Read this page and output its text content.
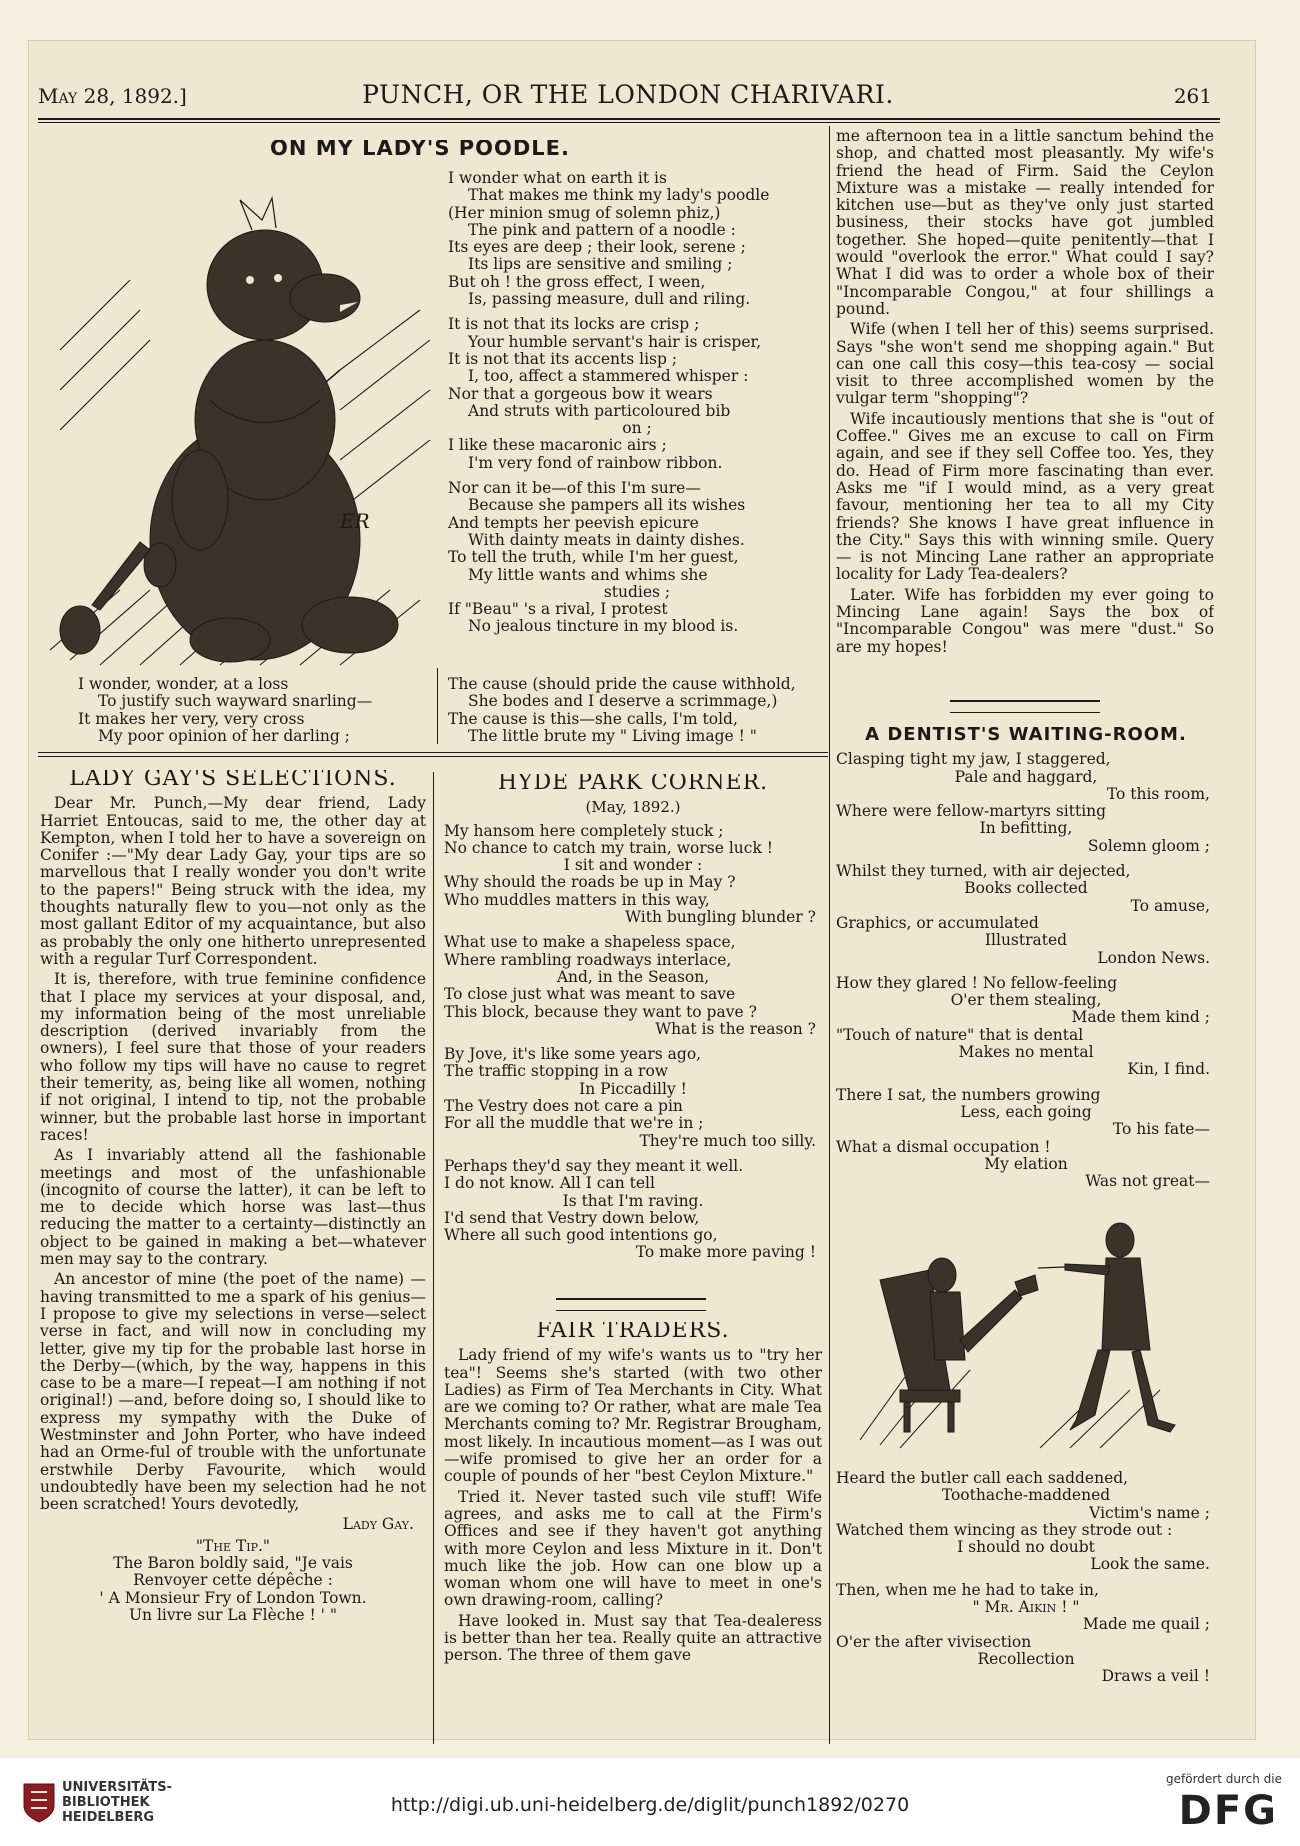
May 28, 1892.]	PUNCH, OR THE LONDON CHARIVARI.	261
ON MY LADY'S POODLE.
ER
I wonder what on earth it is
That makes me think my lady's poodle
(Her minion smug of solemn phiz,)
The pink and pattern of a noodle :
Its eyes are deep ; their look, serene ;
Its lips are sensitive and smiling ;
But oh ! the gross effect, I ween,
Is, passing measure, dull and riling.
It is not that its locks are crisp ;
Your humble servant's hair is crisper,
It is not that its accents lisp ;
I, too, affect a stammered whisper :
Nor that a gorgeous bow it wears
And struts with particoloured bib
on ;
I like these macaronic airs ;
I'm very fond of rainbow ribbon.
Nor can it be—of this I'm sure—
Because she pampers all its wishes
And tempts her peevish epicure
With dainty meats in dainty dishes.
To tell the truth, while I'm her guest,
My little wants and whims she
studies ;
If "Beau" 's a rival, I protest
No jealous tincture in my blood is.
I wonder, wonder, at a loss
To justify such wayward snarling—
It makes her very, very cross
My poor opinion of her darling ;
The cause (should pride the cause withhold,
She bodes and I deserve a scrimmage,)
The cause is this—she calls, I'm told,
The little brute my " Living image ! "

me afternoon tea in a little sanctum behind the shop, and chatted most pleasantly. My wife's friend the head of Firm. Said the Ceylon Mixture was a mistake — really intended for kitchen use—but as they've only just started business, their stocks have got jumbled together. She hoped—quite penitently—that I would "overlook the error." What could I say? What I did was to order a whole box of their "Incomparable Congou," at four shillings a pound.

Wife (when I tell her of this) seems surprised. Says "she won't send me shopping again." But can one call this cosy—this tea-cosy — social visit to three accomplished women by the vulgar term "shopping"?

Wife incautiously mentions that she is "out of Coffee." Gives me an excuse to call on Firm again, and see if they sell Coffee too. Yes, they do. Head of Firm more fascinating than ever. Asks me "if I would mind, as a very great favour, mentioning her tea to all my City friends? She knows I have great influence in the City." Says this with winning smile. Query — is not Mincing Lane rather an appropriate locality for Lady Tea-dealers?

Later. Wife has forbidden my ever going to Mincing Lane again! Says the box of "Incomparable Congou" was mere "dust." So are my hopes!

A DENTIST'S WAITING-ROOM.
Clasping tight my jaw, I staggered,
Pale and haggard,
To this room,
Where were fellow-martyrs sitting
In befitting,
Solemn gloom ;
Whilst they turned, with air dejected,
Books collected
To amuse,
Graphics, or accumulated
Illustrated
London News.
How they glared ! No fellow-feeling
O'er them stealing,
Made them kind ;
"Touch of nature" that is dental
Makes no mental
Kin, I find.
There I sat, the numbers growing
Less, each going
To his fate—
What a dismal occupation !
My elation
Was not great—
Heard the butler call each saddened,
Toothache-maddened
Victim's name ;
Watched them wincing as they strode out :
I should no doubt
Look the same.
Then, when me he had to take in,
" Mr. Aikin ! "
Made me quail ;
O'er the after vivisection
Recollection
Draws a veil !
LADY GAY'S SELECTIONS.

Dear Mr. Punch,—My dear friend, Lady Harriet Entoucas, said to me, the other day at Kempton, when I told her to have a sovereign on Conifer :—"My dear Lady Gay, your tips are so marvellous that I really wonder you don't write to the papers!" Being struck with the idea, my thoughts naturally flew to you—not only as the most gallant Editor of my acquaintance, but also as probably the only one hitherto unrepresented with a regular Turf Correspondent.

It is, therefore, with true feminine confidence that I place my services at your disposal, and, my information being of the most unreliable description (derived invariably from the owners), I feel sure that those of your readers who follow my tips will have no cause to regret their temerity, as, being like all women, nothing if not original, I intend to tip, not the probable winner, but the probable last horse in important races!

As I invariably attend all the fashionable meetings and most of the unfashionable (incognito of course the latter), it can be left to me to decide which horse was last—thus reducing the matter to a certainty—distinctly an object to be gained in making a bet—whatever men may say to the contrary.

An ancestor of mine (the poet of the name) —having transmitted to me a spark of his genius—I propose to give my selections in verse—select verse in fact, and will now in concluding my letter, give my tip for the probable last horse in the Derby—(which, by the way, happens in this case to be a mare—I repeat—I am nothing if not original!) —and, before doing so, I should like to express my sympathy with the Duke of Westminster and John Porter, who have indeed had an Orme-ful of trouble with the unfortunate erstwhile Derby Favourite, which would undoubtedly have been my selection had he not been scratched! Yours devotedly,

Lady Gay.
"The Tip."
The Baron boldly said, "Je vais
Renvoyer cette dépêche :
' A Monsieur Fry of London Town.
Un livre sur La Flèche ! ' "
HYDE PARK CORNER.
(May, 1892.)
My hansom here completely stuck ;
No chance to catch my train, worse luck !
I sit and wonder :
Why should the roads be up in May ?
Who muddles matters in this way,
With bungling blunder ?
What use to make a shapeless space,
Where rambling roadways interlace,
And, in the Season,
To close just what was meant to save
This block, because they want to pave ?
What is the reason ?
By Jove, it's like some years ago,
The traffic stopping in a row
In Piccadilly !
The Vestry does not care a pin
For all the muddle that we're in ;
They're much too silly.
Perhaps they'd say they meant it well.
I do not know. All I can tell
Is that I'm raving.
I'd send that Vestry down below,
Where all such good intentions go,
To make more paving !
FAIR TRADERS.

Lady friend of my wife's wants us to "try her tea"! Seems she's started (with two other Ladies) as Firm of Tea Merchants in City. What are we coming to? Or rather, what are male Tea Merchants coming to? Mr. Registrar Brougham, most likely. In incautious moment—as I was out—wife promised to give her an order for a couple of pounds of her "best Ceylon Mixture."

Tried it. Never tasted such vile stuff! Wife agrees, and asks me to call at the Firm's Offices and see if they haven't got anything with more Ceylon and less Mixture in it. Don't much like the job. How can one blow up a woman whom one will have to meet in one's own drawing-room, calling?

Have looked in. Must say that Tea-dealeress is better than her tea. Really quite an attractive person. The three of them gave

UNIVERSITÄTS-
BIBLIOTHEK
HEIDELBERG
http://digi.ub.uni-heidelberg.de/diglit/punch1892/0270
gefördert durch die
DFG
